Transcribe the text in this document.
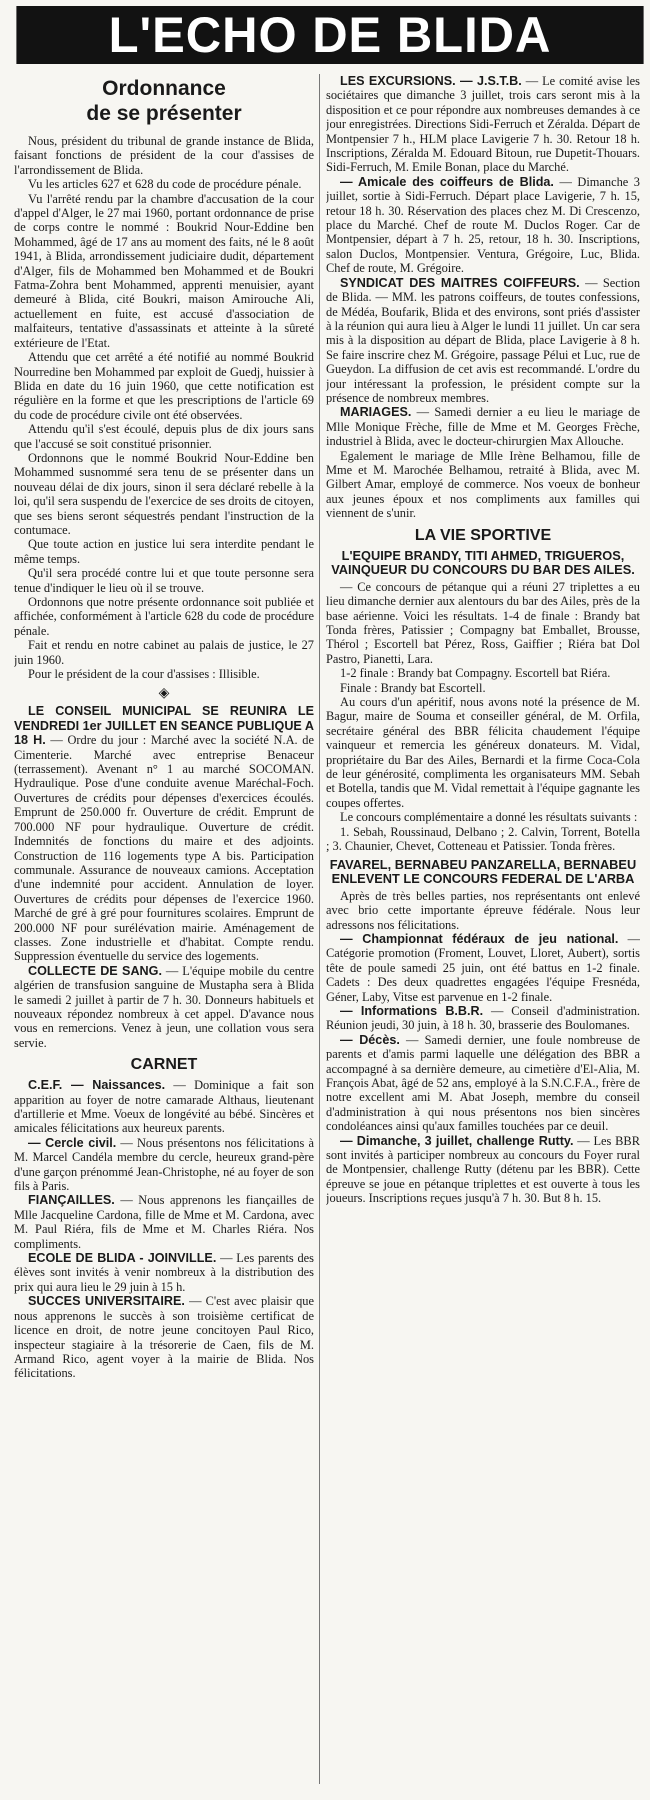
L'ECHO DE BLIDA
Ordonnance
de se présenter

Nous, président du tribunal de grande instance de Blida, faisant fonctions de président de la cour d'assises de l'arrondissement de Blida.

Vu les articles 627 et 628 du code de procédure pénale.

Vu l'arrêté rendu par la chambre d'accusation de la cour d'appel d'Alger, le 27 mai 1960, portant ordonnance de prise de corps contre le nommé : Boukrid Nour-Eddine ben Mohammed, âgé de 17 ans au moment des faits, né le 8 août 1941, à Blida, arrondissement judiciaire dudit, département d'Alger, fils de Mohammed ben Mohammed et de Boukri Fatma-Zohra bent Mohammed, apprenti menuisier, ayant demeuré à Blida, cité Boukri, maison Amirouche Ali, actuellement en fuite, est accusé d'association de malfaiteurs, tentative d'assassinats et atteinte à la sûreté extérieure de l'Etat.

Attendu que cet arrêté a été notifié au nommé Boukrid Nourredine ben Mohammed par exploit de Guedj, huissier à Blida en date du 16 juin 1960, que cette notification est régulière en la forme et que les prescriptions de l'article 69 du code de procédure civile ont été observées.

Attendu qu'il s'est écoulé, depuis plus de dix jours sans que l'accusé se soit constitué prisonnier.

Ordonnons que le nommé Boukrid Nour-Eddine ben Mohammed susnommé sera tenu de se présenter dans un nouveau délai de dix jours, sinon il sera déclaré rebelle à la loi, qu'il sera suspendu de l'exercice de ses droits de citoyen, que ses biens seront séquestrés pendant l'instruction de la contumace.

Que toute action en justice lui sera interdite pendant le même temps.

Qu'il sera procédé contre lui et que toute personne sera tenue d'indiquer le lieu où il se trouve.

Ordonnons que notre présente ordonnance soit publiée et affichée, conformément à l'article 628 du code de procédure pénale.

Fait et rendu en notre cabinet au palais de justice, le 27 juin 1960.

Pour le président de la cour d'assises : Illisible.

◈

LE CONSEIL MUNICIPAL SE REUNIRA LE VENDREDI 1er JUILLET EN SEANCE PUBLIQUE A 18 H. — Ordre du jour : Marché avec la société N.A. de Cimenterie. Marché avec entreprise Benaceur (terrassement). Avenant n° 1 au marché SOCOMAN. Hydraulique. Pose d'une conduite avenue Maréchal-Foch. Ouvertures de crédits pour dépenses d'exercices écoulés. Emprunt de 250.000 fr. Ouverture de crédit. Emprunt de 700.000 NF pour hydraulique. Ouverture de crédit. Indemnités de fonctions du maire et des adjoints. Construction de 116 logements type A bis. Participation communale. Assurance de nouveaux camions. Acceptation d'une indemnité pour accident. Annulation de loyer. Ouvertures de crédits pour dépenses de l'exercice 1960. Marché de gré à gré pour fournitures scolaires. Emprunt de 200.000 NF pour surélévation mairie. Aménagement de classes. Zone industrielle et d'habitat. Compte rendu. Suppression éventuelle du service des logements.

COLLECTE DE SANG. — L'équipe mobile du centre algérien de transfusion sanguine de Mustapha sera à Blida le samedi 2 juillet à partir de 7 h. 30. Donneurs habituels et nouveaux répondez nombreux à cet appel. D'avance nous vous en remercions. Venez à jeun, une collation vous sera servie.

CARNET

C.E.F. — Naissances. — Dominique a fait son apparition au foyer de notre camarade Althaus, lieutenant d'artillerie et Mme. Voeux de longévité au bébé. Sincères et amicales félicitations aux heureux parents.

— Cercle civil. — Nous présentons nos félicitations à M. Marcel Candéla membre du cercle, heureux grand-père d'une garçon prénommé Jean-Christophe, né au foyer de son fils à Paris.

FIANÇAILLES. — Nous apprenons les fiançailles de Mlle Jacqueline Cardona, fille de Mme et M. Cardona, avec M. Paul Riéra, fils de Mme et M. Charles Riéra. Nos compliments.

ECOLE DE BLIDA - JOINVILLE. — Les parents des élèves sont invités à venir nombreux à la distribution des prix qui aura lieu le 29 juin à 15 h.

SUCCES UNIVERSITAIRE. — C'est avec plaisir que nous apprenons le succès à son troisième certificat de licence en droit, de notre jeune concitoyen Paul Rico, inspecteur stagiaire à la trésorerie de Caen, fils de M. Armand Rico, agent voyer à la mairie de Blida. Nos félicitations.

LES EXCURSIONS. — J.S.T.B. — Le comité avise les sociétaires que dimanche 3 juillet, trois cars seront mis à la disposition et ce pour répondre aux nombreuses demandes à ce jour enregistrées. Directions Sidi-Ferruch et Zéralda. Départ de Montpensier 7 h., HLM place Lavigerie 7 h. 30. Retour 18 h. Inscriptions, Zéralda M. Edouard Bitoun, rue Dupetit-Thouars. Sidi-Ferruch, M. Emile Bonan, place du Marché.

— Amicale des coiffeurs de Blida. — Dimanche 3 juillet, sortie à Sidi-Ferruch. Départ place Lavigerie, 7 h. 15, retour 18 h. 30. Réservation des places chez M. Di Crescenzo, place du Marché. Chef de route M. Duclos Roger. Car de Montpensier, départ à 7 h. 25, retour, 18 h. 30. Inscriptions, salon Duclos, Montpensier. Ventura, Grégoire, Luc, Blida. Chef de route, M. Grégoire.

SYNDICAT DES MAITRES COIFFEURS. — Section de Blida. — MM. les patrons coiffeurs, de toutes confessions, de Médéa, Boufarik, Blida et des environs, sont priés d'assister à la réunion qui aura lieu à Alger le lundi 11 juillet. Un car sera mis à la disposition au départ de Blida, place Lavigerie à 8 h. Se faire inscrire chez M. Grégoire, passage Pélui et Luc, rue de Gueydon. La diffusion de cet avis est recommandé. L'ordre du jour intéressant la profession, le président compte sur la présence de nombreux membres.

MARIAGES. — Samedi dernier a eu lieu le mariage de Mlle Monique Frèche, fille de Mme et M. Georges Frèche, industriel à Blida, avec le docteur-chirurgien Max Allouche.

Egalement le mariage de Mlle Irène Belhamou, fille de Mme et M. Marochée Belhamou, retraité à Blida, avec M. Gilbert Amar, employé de commerce. Nos voeux de bonheur aux jeunes époux et nos compliments aux familles qui viennent de s'unir.

LA VIE SPORTIVE
L'EQUIPE BRANDY, TITI AHMED, TRIGUEROS, VAINQUEUR DU CONCOURS DU BAR DES AILES.

— Ce concours de pétanque qui a réuni 27 triplettes a eu lieu dimanche dernier aux alentours du bar des Ailes, près de la base aérienne. Voici les résultats. 1-4 de finale : Brandy bat Tonda frères, Patissier ; Compagny bat Emballet, Brousse, Thérol ; Escortell bat Pérez, Ross, Gaiffier ; Riéra bat Dol Pastro, Pianetti, Lara.

1-2 finale : Brandy bat Compagny. Escortell bat Riéra.

Finale : Brandy bat Escortell.

Au cours d'un apéritif, nous avons noté la présence de M. Bagur, maire de Souma et conseiller général, de M. Orfila, secrétaire général des BBR félicita chaudement l'équipe vainqueur et remercia les généreux donateurs. M. Vidal, propriétaire du Bar des Ailes, Bernardi et la firme Coca-Cola de leur générosité, complimenta les organisateurs MM. Sebah et Botella, tandis que M. Vidal remettait à l'équipe gagnante les coupes offertes.

Le concours complémentaire a donné les résultats suivants :

1. Sebah, Roussinaud, Delbano ; 2. Calvin, Torrent, Botella ; 3. Chaunier, Chevet, Cotteneau et Patissier. Tonda frères.

FAVAREL, BERNABEU PANZARELLA, BERNABEU ENLEVENT LE CONCOURS FEDERAL DE L'ARBA

Après de très belles parties, nos représentants ont enlevé avec brio cette importante épreuve fédérale. Nous leur adressons nos félicitations.

— Championnat fédéraux de jeu national. — Catégorie promotion (Froment, Louvet, Lloret, Aubert), sortis tête de poule samedi 25 juin, ont été battus en 1-2 finale. Cadets : Des deux quadrettes engagées l'équipe Fresnéda, Géner, Laby, Vitse est parvenue en 1-2 finale.

— Informations B.B.R. — Conseil d'administration. Réunion jeudi, 30 juin, à 18 h. 30, brasserie des Boulomanes.

— Décès. — Samedi dernier, une foule nombreuse de parents et d'amis parmi laquelle une délégation des BBR a accompagné à sa dernière demeure, au cimetière d'El-Alia, M. François Abat, âgé de 52 ans, employé à la S.N.C.F.A., frère de notre excellent ami M. Abat Joseph, membre du conseil d'administration à qui nous présentons nos bien sincères condoléances ainsi qu'aux familles touchées par ce deuil.

— Dimanche, 3 juillet, challenge Rutty. — Les BBR sont invités à participer nombreux au concours du Foyer rural de Montpensier, challenge Rutty (détenu par les BBR). Cette épreuve se joue en pétanque triplettes et est ouverte à tous les joueurs. Inscriptions reçues jusqu'à 7 h. 30. But 8 h. 15.
